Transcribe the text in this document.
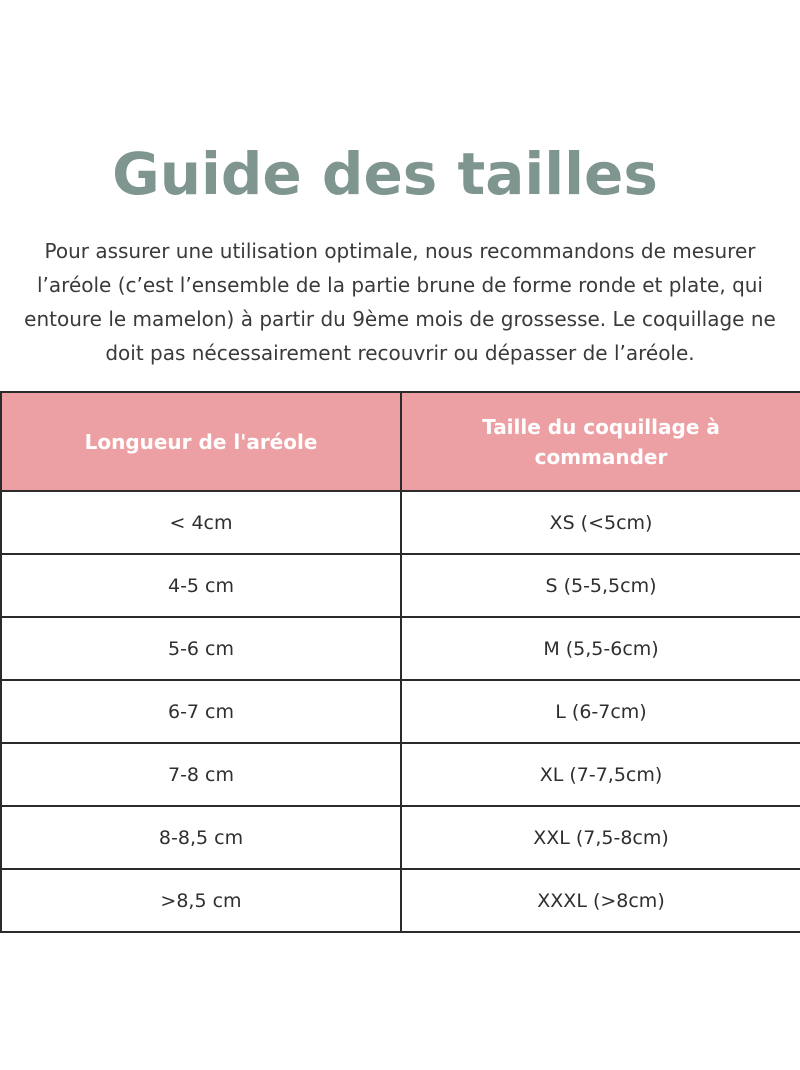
Guide des tailles

Pour assurer une utilisation optimale, nous recommandons de mesurer l’aréole (c’est l’ensemble de la partie brune de forme ronde et plate, qui entoure le mamelon) à partir du 9ème mois de grossesse. Le coquillage ne doit pas nécessairement recouvrir ou dépasser de l’aréole.

Longueur de l'aréole	Taille du coquillage à commander
< 4cm	XS (<5cm)
4-5 cm	S (5-5,5cm)
5-6 cm	M (5,5-6cm)
6-7 cm	L (6-7cm)
7-8 cm	XL (7-7,5cm)
8-8,5 cm	XXL (7,5-8cm)
>8,5 cm	XXXL (>8cm)
